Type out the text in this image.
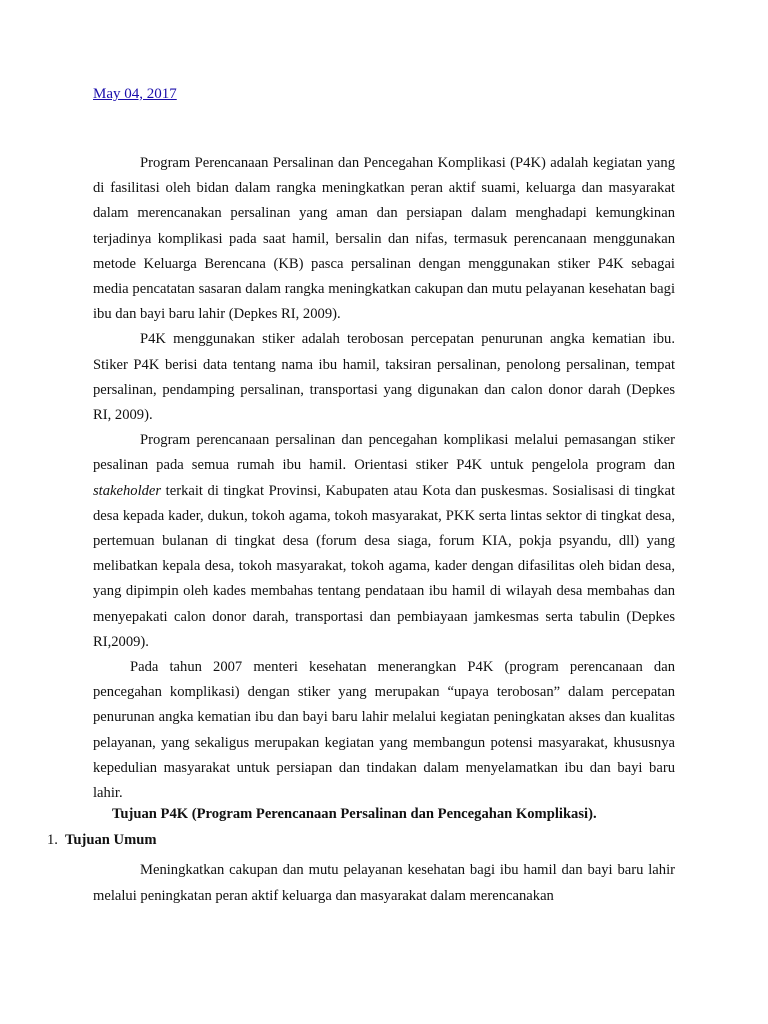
May 04, 2017

Program Perencanaan Persalinan dan Pencegahan Komplikasi (P4K) adalah kegiatan yang di fasilitasi oleh bidan dalam rangka meningkatkan peran aktif suami, keluarga dan masyarakat dalam merencanakan persalinan yang aman dan persiapan dalam menghadapi kemungkinan terjadinya komplikasi pada saat hamil, bersalin dan nifas, termasuk perencanaan menggunakan metode Keluarga Berencana (KB) pasca persalinan dengan menggunakan stiker P4K sebagai media pencatatan sasaran dalam rangka meningkatkan cakupan dan mutu pelayanan kesehatan bagi ibu dan bayi baru lahir (Depkes RI, 2009).

P4K menggunakan stiker adalah terobosan percepatan penurunan angka kematian ibu. Stiker P4K berisi data tentang nama ibu hamil, taksiran persalinan, penolong persalinan, tempat persalinan, pendamping persalinan, transportasi yang digunakan dan calon donor darah (Depkes RI, 2009).

Program perencanaan persalinan dan pencegahan komplikasi melalui pemasangan stiker pesalinan pada semua rumah ibu hamil. Orientasi stiker P4K untuk pengelola program dan stakeholder terkait di tingkat Provinsi, Kabupaten atau Kota dan puskesmas. Sosialisasi di tingkat desa kepada kader, dukun, tokoh agama, tokoh masyarakat, PKK serta lintas sektor di tingkat desa, pertemuan bulanan di tingkat desa (forum desa siaga, forum KIA, pokja psyandu, dll) yang melibatkan kepala desa, tokoh masyarakat, tokoh agama, kader dengan difasilitas oleh bidan desa, yang dipimpin oleh kades membahas tentang pendataan ibu hamil di wilayah desa membahas dan menyepakati calon donor darah, transportasi dan pembiayaan jamkesmas serta tabulin (Depkes RI,2009).

Pada tahun 2007 menteri kesehatan menerangkan P4K (program perencanaan dan pencegahan komplikasi) dengan stiker yang merupakan “upaya terobosan” dalam percepatan penurunan angka kematian ibu dan bayi baru lahir melalui kegiatan peningkatan akses dan kualitas pelayanan, yang sekaligus merupakan kegiatan yang membangun potensi masyarakat, khususnya kepedulian masyarakat untuk persiapan dan tindakan dalam menyelamatkan ibu dan bayi baru lahir.

Tujuan P4K (Program Perencanaan Persalinan dan Pencegahan Komplikasi).
1. Tujuan Umum

Meningkatkan cakupan dan mutu pelayanan kesehatan bagi ibu hamil dan bayi baru lahir melalui peningkatan peran aktif keluarga dan masyarakat dalam merencanakan
